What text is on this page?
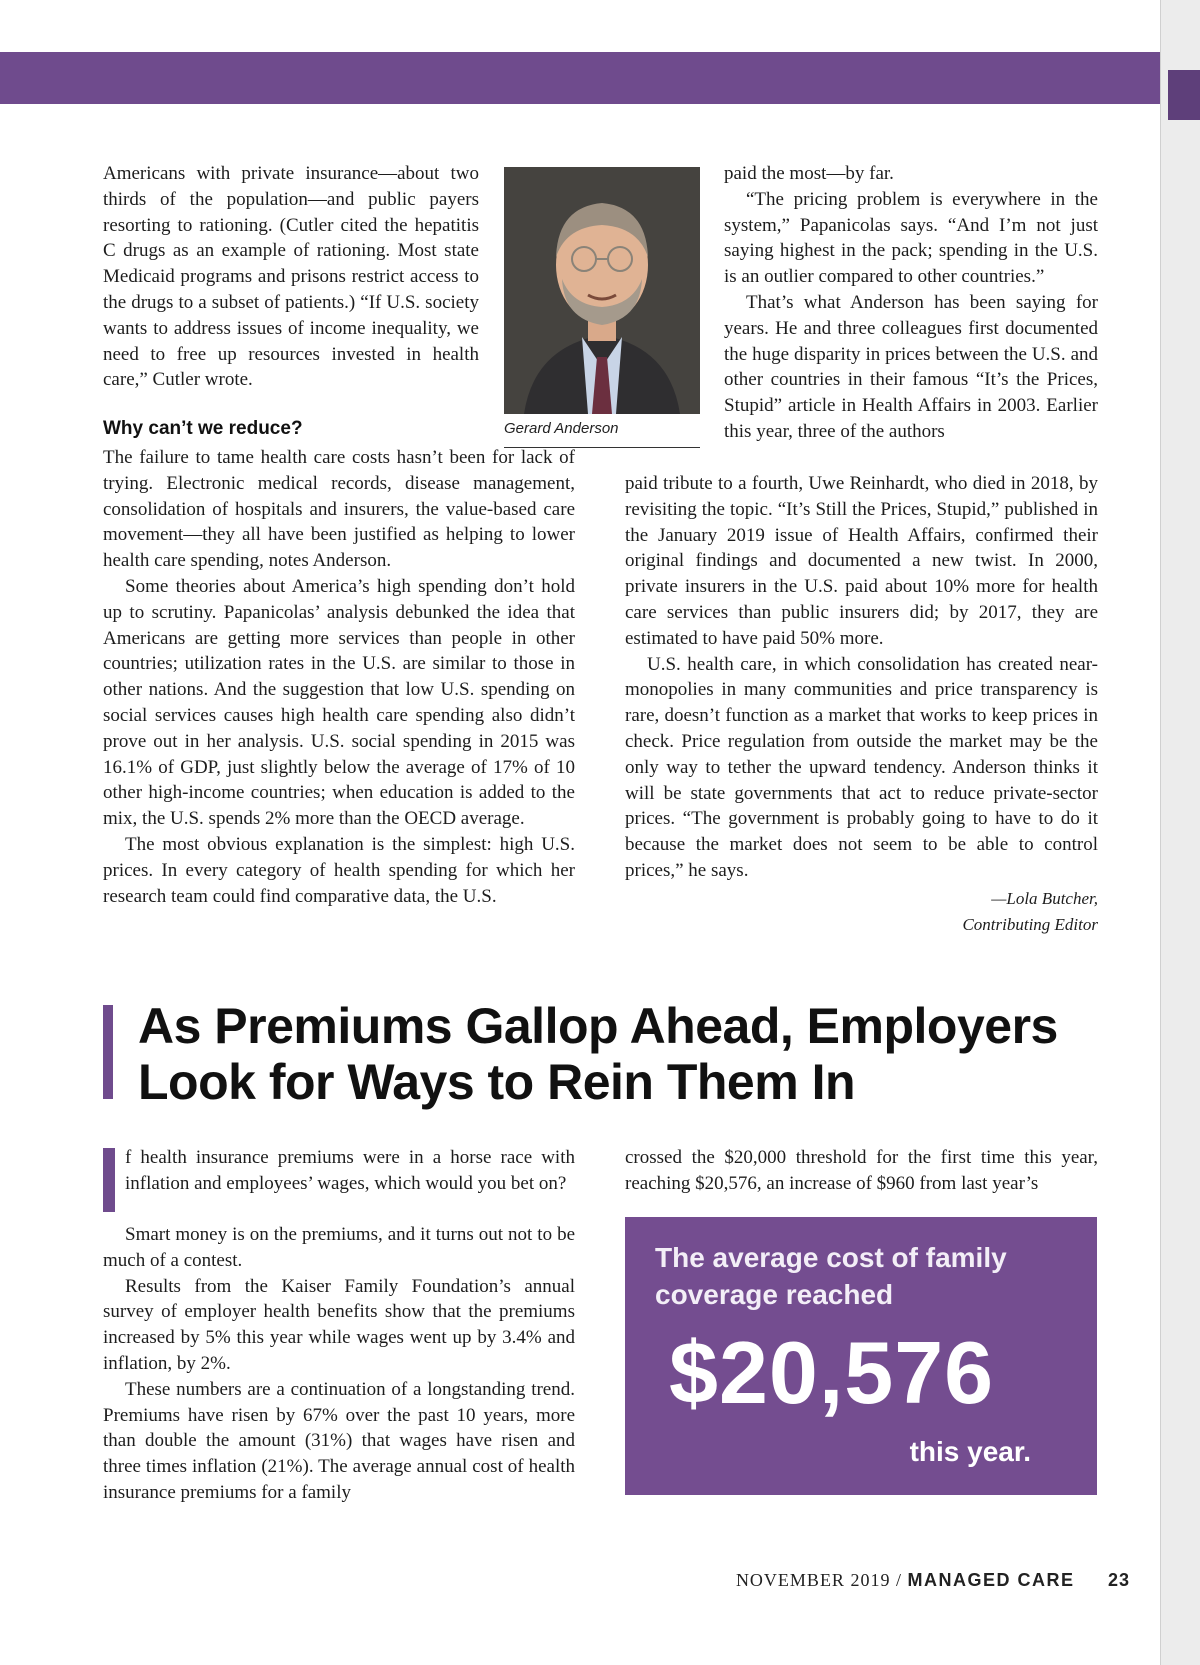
Americans with private insurance—about two thirds of the population—and public payers resorting to rationing. (Cutler cited the hepatitis C drugs as an example of rationing. Most state Medicaid programs and prisons restrict access to the drugs to a subset of patients.) “If U.S. society wants to address issues of income inequality, we need to free up resources invested in health care,” Cutler wrote.

Gerard Anderson
Why can’t we reduce?

The failure to tame health care costs hasn’t been for lack of trying. Electronic medical records, disease management, consolidation of hospitals and insurers, the value-based care movement—they all have been justified as helping to lower health care spending, notes Anderson.

Some theories about America’s high spending don’t hold up to scrutiny. Papanicolas’ analysis debunked the idea that Americans are getting more services than people in other countries; utilization rates in the U.S. are similar to those in other nations. And the suggestion that low U.S. spending on social services causes high health care spending also didn’t prove out in her analysis. U.S. social spending in 2015 was 16.1% of GDP, just slightly below the average of 17% of 10 other high-income countries; when education is added to the mix, the U.S. spends 2% more than the OECD average.

The most obvious explanation is the simplest: high U.S. prices. In every category of health spending for which her research team could find comparative data, the U.S.

paid the most—by far.

“The pricing problem is everywhere in the system,” Papanicolas says. “And I’m not just saying highest in the pack; spending in the U.S. is an outlier compared to other countries.”

That’s what Anderson has been saying for years. He and three colleagues first documented the huge disparity in prices between the U.S. and other countries in their famous “It’s the Prices, Stupid” article in Health Affairs in 2003. Earlier this year, three of the authors

paid tribute to a fourth, Uwe Reinhardt, who died in 2018, by revisiting the topic. “It’s Still the Prices, Stupid,” published in the January 2019 issue of Health Affairs, confirmed their original findings and documented a new twist. In 2000, private insurers in the U.S. paid about 10% more for health care services than public insurers did; by 2017, they are estimated to have paid 50% more.

U.S. health care, in which consolidation has created near-monopolies in many communities and price transparency is rare, doesn’t function as a market that works to keep prices in check. Price regulation from outside the market may be the only way to tether the upward tendency. Anderson thinks it will be state governments that act to reduce private-sector prices. “The government is probably going to have to do it because the market does not seem to be able to control prices,” he says.

—Lola Butcher,
Contributing Editor
As Premiums Gallop Ahead, Employers
Look for Ways to Rein Them In

f health insurance premiums were in a horse race with inflation and employees’ wages, which would you bet on?

Smart money is on the premiums, and it turns out not to be much of a contest.

Results from the Kaiser Family Foundation’s annual survey of employer health benefits show that the premiums increased by 5% this year while wages went up by 3.4% and inflation, by 2%.

These numbers are a continuation of a longstanding trend. Premiums have risen by 67% over the past 10 years, more than double the amount (31%) that wages have risen and three times inflation (21%). The average annual cost of health insurance premiums for a family

crossed the $20,000 threshold for the first time this year, reaching $20,576, an increase of $960 from last year’s

The average cost of family coverage reached
$20,576
this year.
NOVEMBER 2019 / MANAGED CARE 23
